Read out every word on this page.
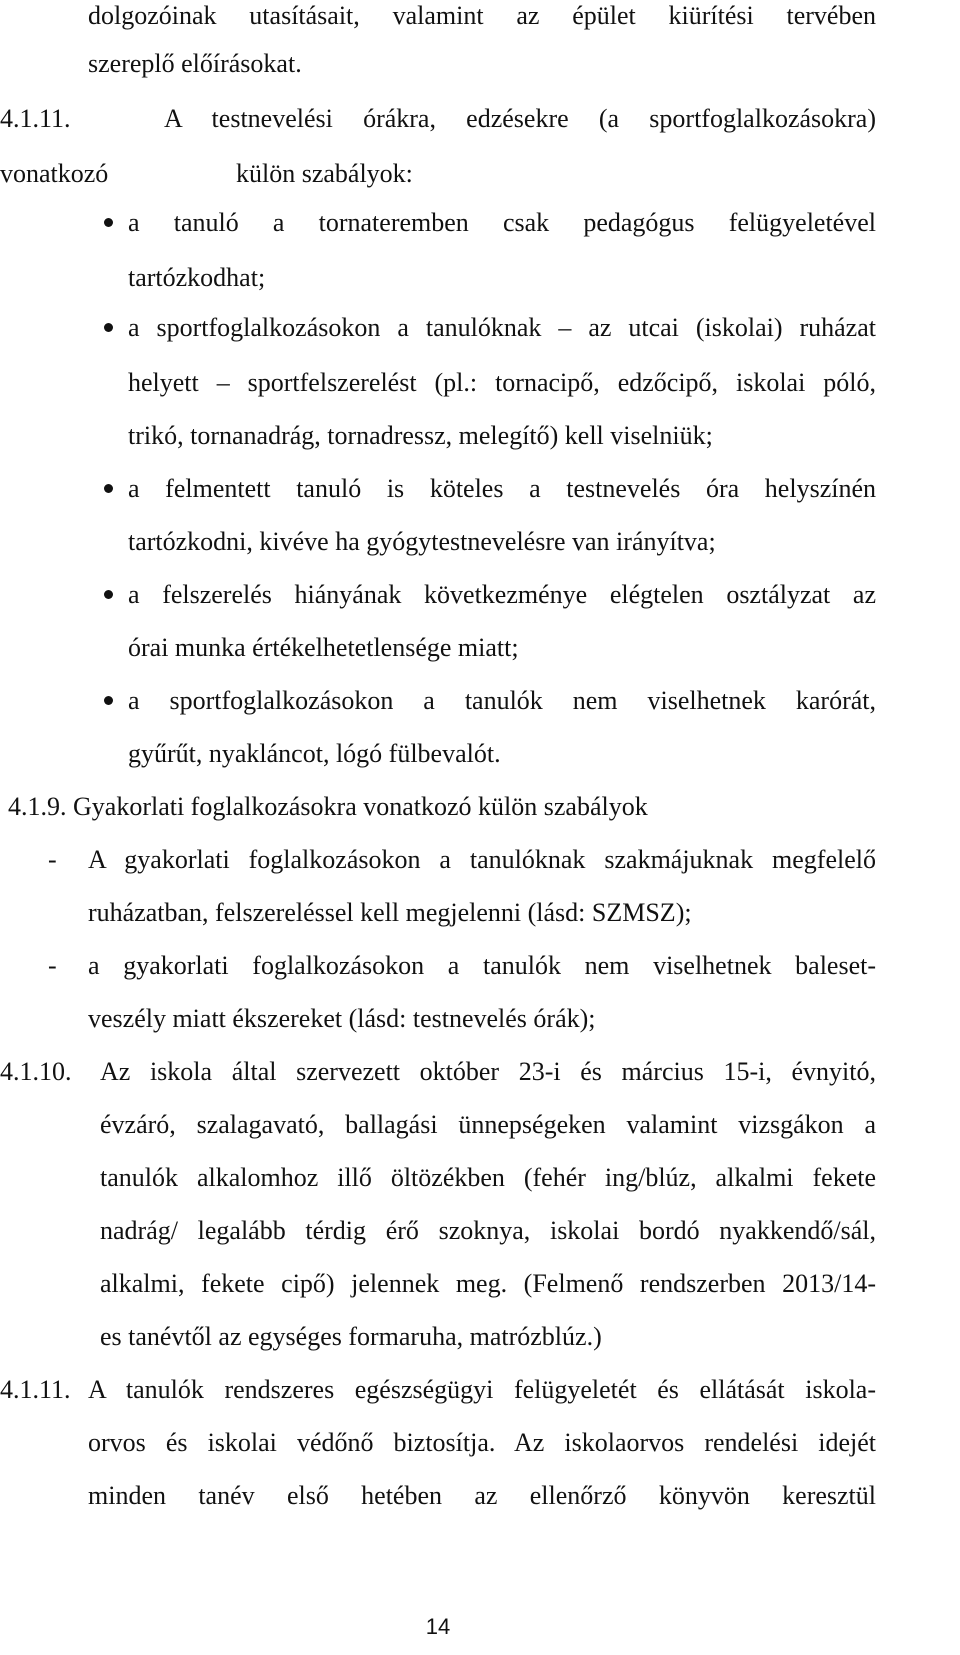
dolgozóinak utasításait, valamint az épület kiürítési tervében
szereplő előírásokat.
4.1.11.	A testnevelési órákra, edzésekre (a sportfoglalkozásokra)
vonatkozó	külön szabályok:
a tanuló a tornateremben csak pedagógus felügyeletével
tartózkodhat;
a sportfoglalkozásokon a tanulóknak – az utcai (iskolai) ruházat
helyett – sportfelszerelést (pl.: tornacipő, edzőcipő, iskolai póló,
trikó, tornanadrág, tornadressz, melegítő) kell viselniük;
a felmentett tanuló is köteles a testnevelés óra helyszínén
tartózkodni, kivéve ha gyógytestnevelésre van irányítva;
a felszerelés hiányának következménye elégtelen osztályzat az
órai munka értékelhetetlensége miatt;
a sportfoglalkozásokon a tanulók nem viselhetnek karórát,
gyűrűt, nyakláncot, lógó fülbevalót.
4.1.9. Gyakorlati foglalkozásokra vonatkozó külön szabályok
- A gyakorlati foglalkozásokon a tanulóknak szakmájuknak megfelelő
ruházatban, felszereléssel kell megjelenni (lásd: SZMSZ);
- a gyakorlati foglalkozásokon a tanulók nem viselhetnek baleset-
veszély miatt ékszereket (lásd: testnevelés órák);
4.1.10. Az iskola által szervezett október 23-i és március 15-i, évnyitó,
évzáró, szalagavató, ballagási ünnepségeken valamint vizsgákon a
tanulók alkalomhoz illő öltözékben (fehér ing/blúz, alkalmi fekete
nadrág/ legalább térdig érő szoknya, iskolai bordó nyakkendő/sál,
alkalmi, fekete cipő) jelennek meg. (Felmenő rendszerben 2013/14-
es tanévtől az egységes formaruha, matrózblúz.)
4.1.11. A tanulók rendszeres egészségügyi felügyeletét és ellátását iskola-
orvos és iskolai védőnő biztosítja. Az iskolaorvos rendelési idejét
minden tanév első hetében az ellenőrző könyvön keresztül
14
